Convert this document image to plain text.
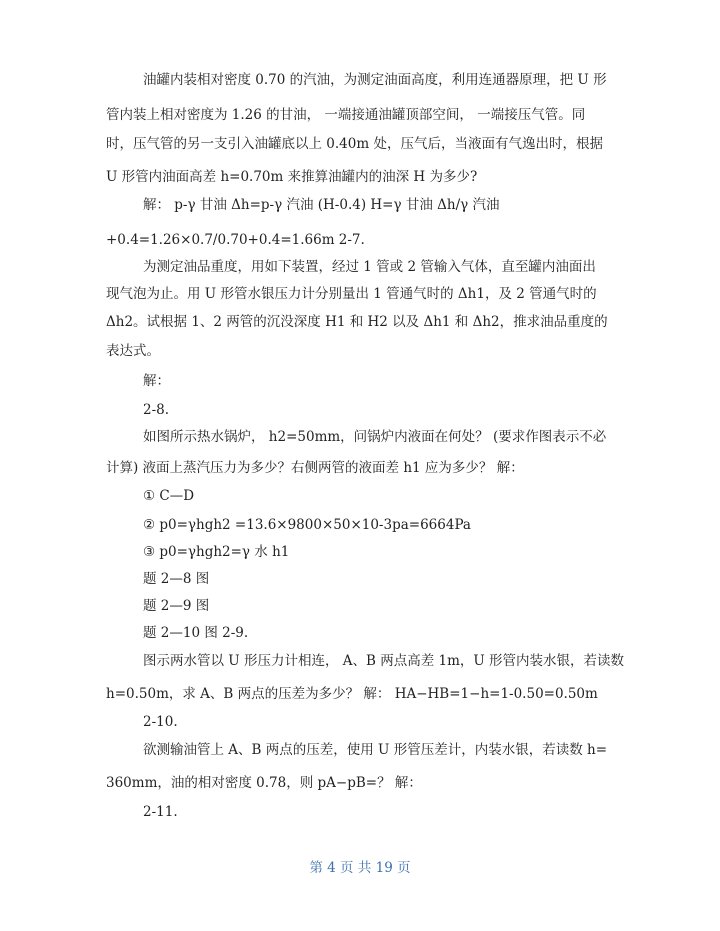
油罐内装相对密度 0.70 的汽油，为测定油面高度，利用连通器原理，把 U 形
管内装上相对密度为 1.26 的甘油， 一端接通油罐顶部空间， 一端接压气管。同
时，压气管的另一支引入油罐底以上 0.40m 处，压气后，当液面有气逸出时，根据
U 形管内油面高差 h=0.70m 来推算油罐内的油深 H 为多少?
解： p-γ 甘油 Δh=p-γ 汽油 (H-0.4) H=γ 甘油 Δh/γ 汽油
+0.4=1.26×0.7/0.70+0.4=1.66m 2-7.
为测定油品重度，用如下装置，经过 1 管或 2 管输入气体，直至罐内油面出
现气泡为止。用 U 形管水银压力计分别量出 1 管通气时的 Δh1，及 2 管通气时的
Δh2。试根据 1、2 两管的沉没深度 H1 和 H2 以及 Δh1 和 Δh2，推求油品重度的
表达式。
解：
2-8.
如图所示热水锅炉， h2=50mm，问锅炉内液面在何处？ (要求作图表示不必
计算) 液面上蒸汽压力为多少？右侧两管的液面差 h1 应为多少？ 解：
① C—D
② p0=γhgh2 =13.6×9800×50×10-3pa=6664Pa
③ p0=γhgh2=γ 水 h1
题 2—8 图
题 2—9 图
题 2—10 图 2-9.
图示两水管以 U 形压力计相连， A、B 两点高差 1m，U 形管内装水银，若读数
h=0.50m，求 A、B 两点的压差为多少？ 解： HA−HB=1−h=1-0.50=0.50m
2-10.
欲测输油管上 A、B 两点的压差，使用 U 形管压差计，内装水银，若读数 h=
360mm，油的相对密度 0.78，则 pA−pB=？ 解：
2-11.
第 4 页 共 19 页
